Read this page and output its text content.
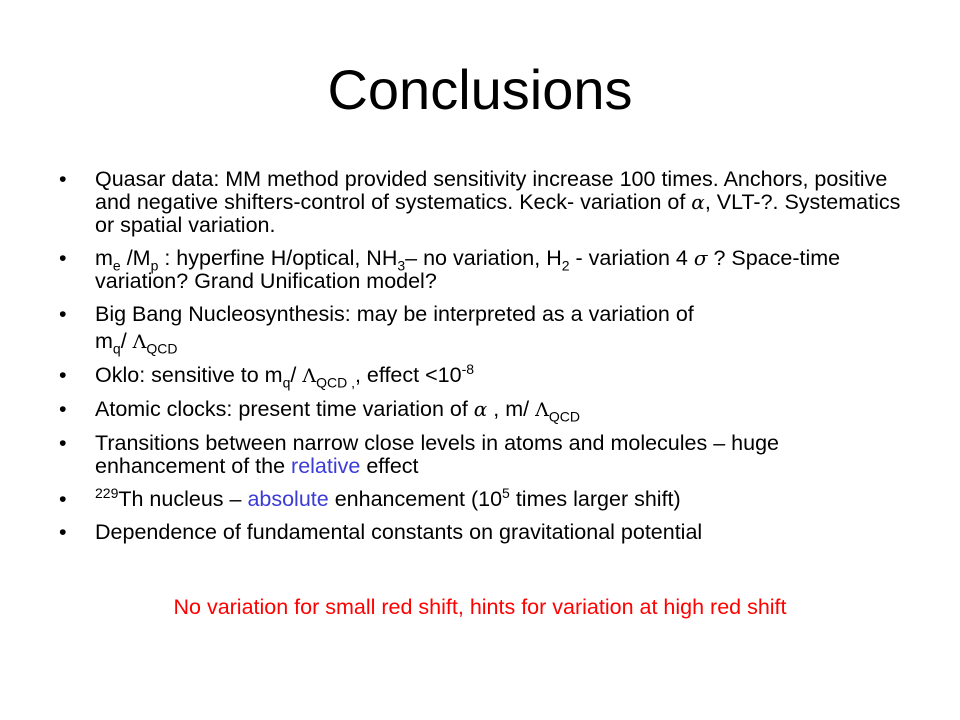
Conclusions
• Quasar data: MM method provided sensitivity increase 100 times. Anchors, positive and negative shifters-control of systematics. Keck- variation of α, VLT-?. Systematics or spatial variation.
• $m_e$ $/M_p$ : hyperfine H/optical, $NH_3-$ no variation, $H_2$ - variation 4 σ ? Space-time variation? Grand Unification model?
• Big Bang Nucleosynthesis: may be interpreted as a variation of
$m_q/$ $\Lambda_{QCD}$
• Oklo: sensitive to $m_q/$ $\Lambda_{QCD ,}$, effect $<10^{-8}$
• Atomic clocks: present time variation of α , m/ $\Lambda_{QCD}$
• Transitions between narrow close levels in atoms and molecules – huge enhancement of the relative effect
• $^{229}$Th nucleus – absolute enhancement ($10^5$ times larger shift)
• Dependence of fundamental constants on gravitational potential
No variation for small red shift, hints for variation at high red shift
